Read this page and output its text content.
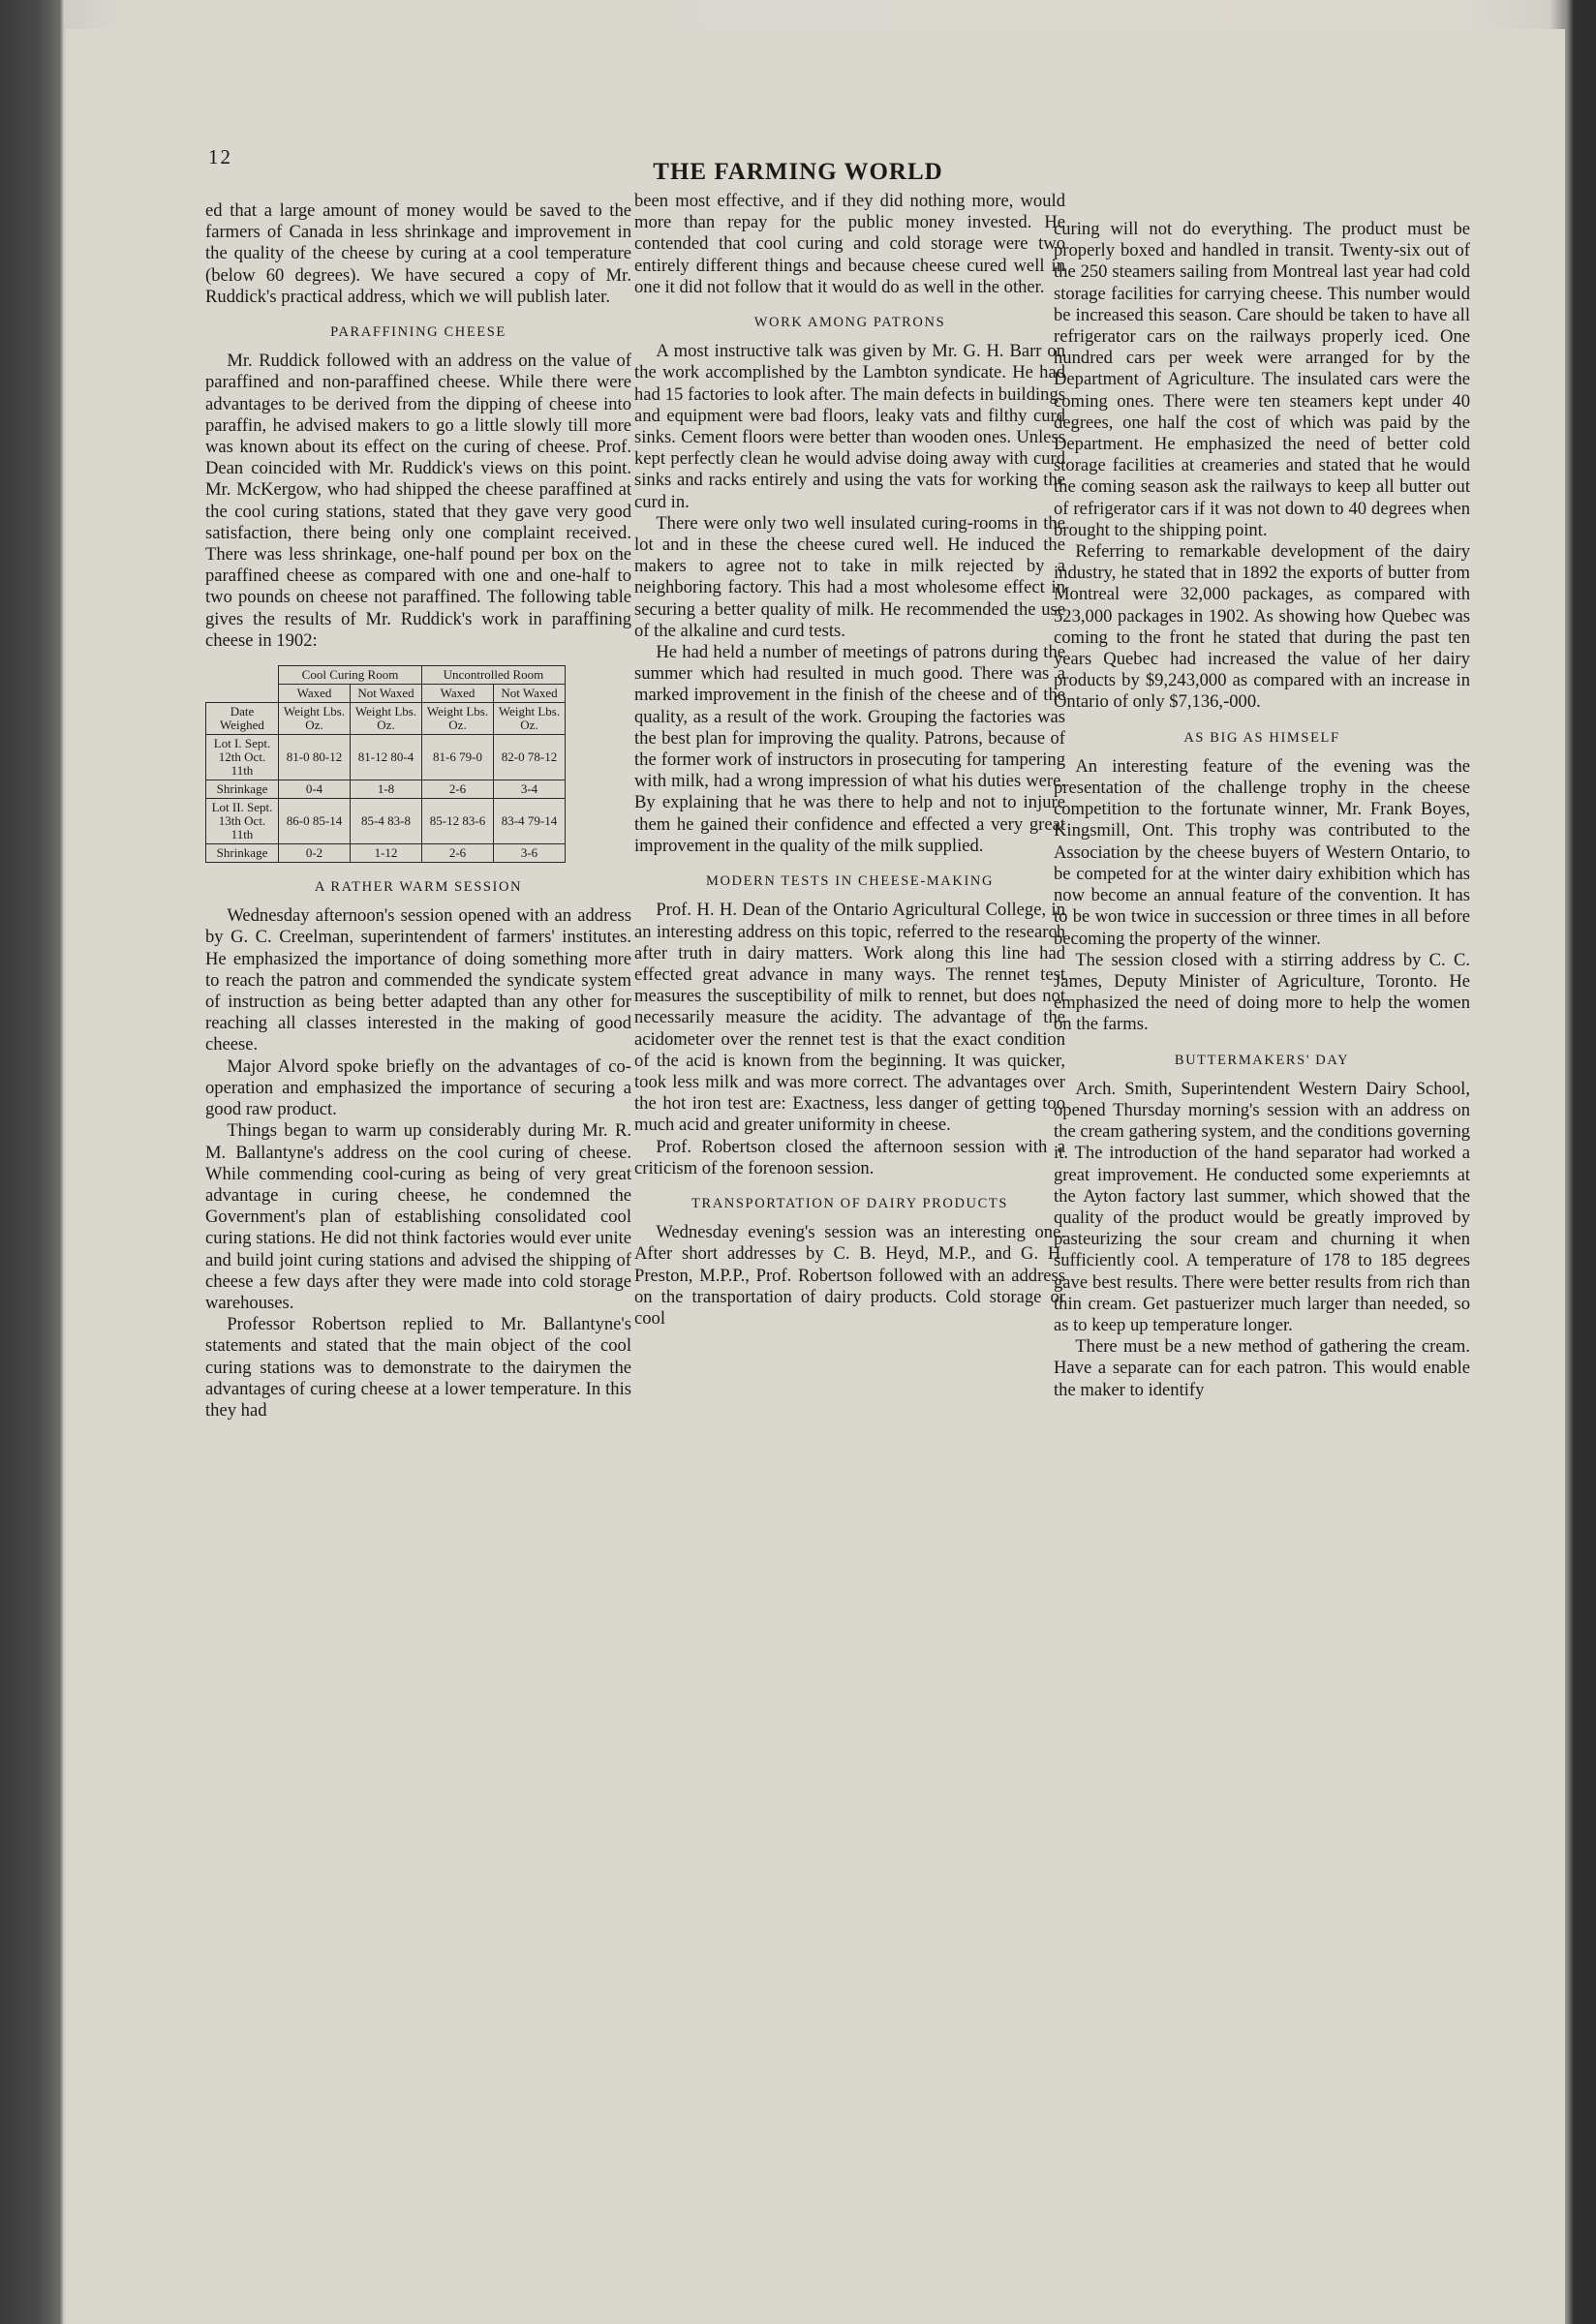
12
THE FARMING WORLD

ed that a large amount of money would be saved to the farmers of Canada in less shrinkage and improvement in the quality of the cheese by curing at a cool temperature (below 60 degrees). We have secured a copy of Mr. Ruddick's practical address, which we will publish later.

PARAFFINING CHEESE

Mr. Ruddick followed with an address on the value of paraffined and non-paraffined cheese. While there were advantages to be derived from the dipping of cheese into paraffin, he advised makers to go a little slowly till more was known about its effect on the curing of cheese. Prof. Dean coincided with Mr. Ruddick's views on this point. Mr. McKergow, who had shipped the cheese paraffined at the cool curing stations, stated that they gave very good satisfaction, there being only one complaint received. There was less shrinkage, one-half pound per box on the paraffined cheese as compared with one and one-half to two pounds on cheese not paraffined. The following table gives the results of Mr. Ruddick's work in paraffining cheese in 1902:

	Cool Curing Room		Uncontrolled Room	
	Waxed	Not Waxed	Waxed	Not Waxed
Date Weighed	Weight Lbs. Oz.	Weight Lbs. Oz.	Weight Lbs. Oz.	Weight Lbs. Oz.
Lot I. Sept. 12th Oct. 11th	81-0 80-12	81-12 80-4	81-6 79-0	82-0 78-12
Shrinkage	0-4	1-8	2-6	3-4
Lot II. Sept. 13th Oct. 11th	86-0 85-14	85-4 83-8	85-12 83-6	83-4 79-14
Shrinkage	0-2	1-12	2-6	3-6
A RATHER WARM SESSION

Wednesday afternoon's session opened with an address by G. C. Creelman, superintendent of farmers' institutes. He emphasized the importance of doing something more to reach the patron and commended the syndicate system of instruction as being better adapted than any other for reaching all classes interested in the making of good cheese.

Major Alvord spoke briefly on the advantages of co-operation and emphasized the importance of securing a good raw product.

Things began to warm up considerably during Mr. R. M. Ballantyne's address on the cool curing of cheese. While commending cool-curing as being of very great advantage in curing cheese, he condemned the Government's plan of establishing consolidated cool curing stations. He did not think factories would ever unite and build joint curing stations and advised the shipping of cheese a few days after they were made into cold storage warehouses.

Professor Robertson replied to Mr. Ballantyne's statements and stated that the main object of the cool curing stations was to demonstrate to the dairymen the advantages of curing cheese at a lower temperature. In this they had

been most effective, and if they did nothing more, would more than repay for the public money invested. He contended that cool curing and cold storage were two entirely different things and because cheese cured well in one it did not follow that it would do as well in the other.

WORK AMONG PATRONS

A most instructive talk was given by Mr. G. H. Barr on the work accomplished by the Lambton syndicate. He had had 15 factories to look after. The main defects in buildings and equipment were bad floors, leaky vats and filthy curd sinks. Cement floors were better than wooden ones. Unless kept perfectly clean he would advise doing away with curd sinks and racks entirely and using the vats for working the curd in.

There were only two well insulated curing-rooms in the lot and in these the cheese cured well. He induced the makers to agree not to take in milk rejected by a neighboring factory. This had a most wholesome effect in securing a better quality of milk. He recommended the use of the alkaline and curd tests.

He had held a number of meetings of patrons during the summer which had resulted in much good. There was a marked improvement in the finish of the cheese and of the quality, as a result of the work. Grouping the factories was the best plan for improving the quality. Patrons, because of the former work of instructors in prosecuting for tampering with milk, had a wrong impression of what his duties were. By explaining that he was there to help and not to injure them he gained their confidence and effected a very great improvement in the quality of the milk supplied.

MODERN TESTS IN CHEESE-MAKING

Prof. H. H. Dean of the Ontario Agricultural College, in an interesting address on this topic, referred to the research after truth in dairy matters. Work along this line had effected great advance in many ways. The rennet test measures the susceptibility of milk to rennet, but does not necessarily measure the acidity. The advantage of the acidometer over the rennet test is that the exact condition of the acid is known from the beginning. It was quicker, took less milk and was more correct. The advantages over the hot iron test are: Exactness, less danger of getting too much acid and greater uniformity in cheese.

Prof. Robertson closed the afternoon session with a criticism of the forenoon session.

TRANSPORTATION OF DAIRY PRODUCTS

Wednesday evening's session was an interesting one. After short addresses by C. B. Heyd, M.P., and G. H. Preston, M.P.P., Prof. Robertson followed with an address on the transportation of dairy products. Cold storage or cool

curing will not do everything. The product must be properly boxed and handled in transit. Twenty-six out of the 250 steamers sailing from Montreal last year had cold storage facilities for carrying cheese. This number would be increased this season. Care should be taken to have all refrigerator cars on the railways properly iced. One hundred cars per week were arranged for by the Department of Agriculture. The insulated cars were the coming ones. There were ten steamers kept under 40 degrees, one half the cost of which was paid by the Department. He emphasized the need of better cold storage facilities at creameries and stated that he would the coming season ask the railways to keep all butter out of refrigerator cars if it was not down to 40 degrees when brought to the shipping point.

Referring to remarkable development of the dairy industry, he stated that in 1892 the exports of butter from Montreal were 32,000 packages, as compared with 523,000 packages in 1902. As showing how Quebec was coming to the front he stated that during the past ten years Quebec had increased the value of her dairy products by $9,243,000 as compared with an increase in Ontario of only $7,136,-000.

AS BIG AS HIMSELF

An interesting feature of the evening was the presentation of the challenge trophy in the cheese competition to the fortunate winner, Mr. Frank Boyes, Kingsmill, Ont. This trophy was contributed to the Association by the cheese buyers of Western Ontario, to be competed for at the winter dairy exhibition which has now become an annual feature of the convention. It has to be won twice in succession or three times in all before becoming the property of the winner.

The session closed with a stirring address by C. C. James, Deputy Minister of Agriculture, Toronto. He emphasized the need of doing more to help the women on the farms.

BUTTERMAKERS' DAY

Arch. Smith, Superintendent Western Dairy School, opened Thursday morning's session with an address on the cream gathering system, and the conditions governing it. The introduction of the hand separator had worked a great improvement. He conducted some experiemnts at the Ayton factory last summer, which showed that the quality of the product would be greatly improved by pasteurizing the sour cream and churning it when sufficiently cool. A temperature of 178 to 185 degrees gave best results. There were better results from rich than thin cream. Get pastuerizer much larger than needed, so as to keep up temperature longer.

There must be a new method of gathering the cream. Have a separate can for each patron. This would enable the maker to identify
